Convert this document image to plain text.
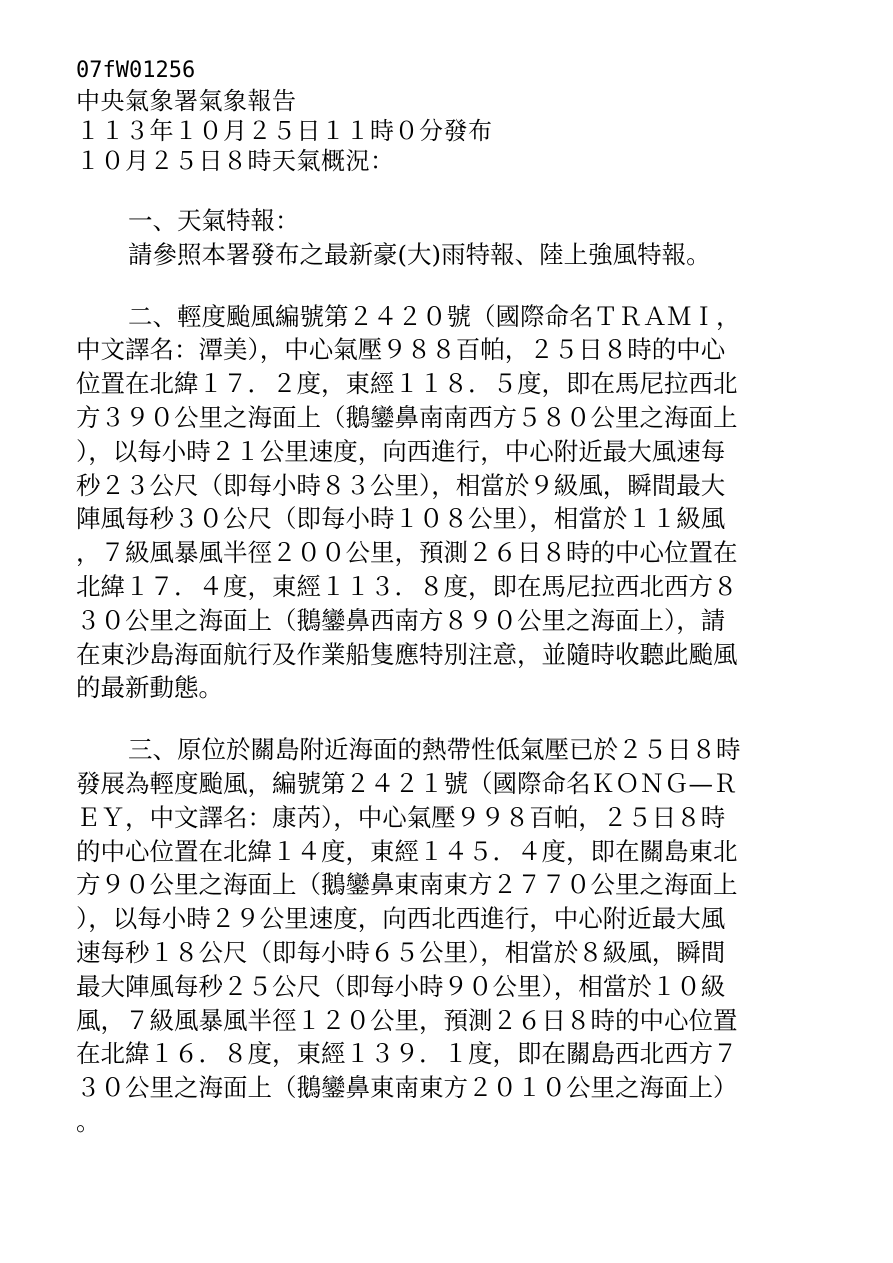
07fW01256
中央氣象署氣象報告
１１３年１０月２５日１１時０分發布
１０月２５日８時天氣概況：
一、天氣特報：
請參照本署發布之最新豪(大)雨特報、陸上強風特報。
二、輕度颱風編號第２４２０號（國際命名ＴＲＡＭＩ，
中文譯名：潭美），中心氣壓９８８百帕，２５日８時的中心
位置在北緯１７．２度，東經１１８．５度，即在馬尼拉西北
方３９０公里之海面上（鵝鑾鼻南南西方５８０公里之海面上
），以每小時２１公里速度，向西進行，中心附近最大風速每
秒２３公尺（即每小時８３公里），相當於９級風，瞬間最大
陣風每秒３０公尺（即每小時１０８公里），相當於１１級風
，７級風暴風半徑２００公里，預測２６日８時的中心位置在
北緯１７．４度，東經１１３．８度，即在馬尼拉西北西方８
３０公里之海面上（鵝鑾鼻西南方８９０公里之海面上），請
在東沙島海面航行及作業船隻應特別注意，並隨時收聽此颱風
的最新動態。
三、原位於關島附近海面的熱帶性低氣壓已於２５日８時
發展為輕度颱風，編號第２４２１號（國際命名ＫＯＮＧ—Ｒ
ＥＹ，中文譯名：康芮），中心氣壓９９８百帕，２５日８時
的中心位置在北緯１４度，東經１４５．４度，即在關島東北
方９０公里之海面上（鵝鑾鼻東南東方２７７０公里之海面上
），以每小時２９公里速度，向西北西進行，中心附近最大風
速每秒１８公尺（即每小時６５公里），相當於８級風，瞬間
最大陣風每秒２５公尺（即每小時９０公里），相當於１０級
風，７級風暴風半徑１２０公里，預測２６日８時的中心位置
在北緯１６．８度，東經１３９．１度，即在關島西北西方７
３０公里之海面上（鵝鑾鼻東南東方２０１０公里之海面上）
。
